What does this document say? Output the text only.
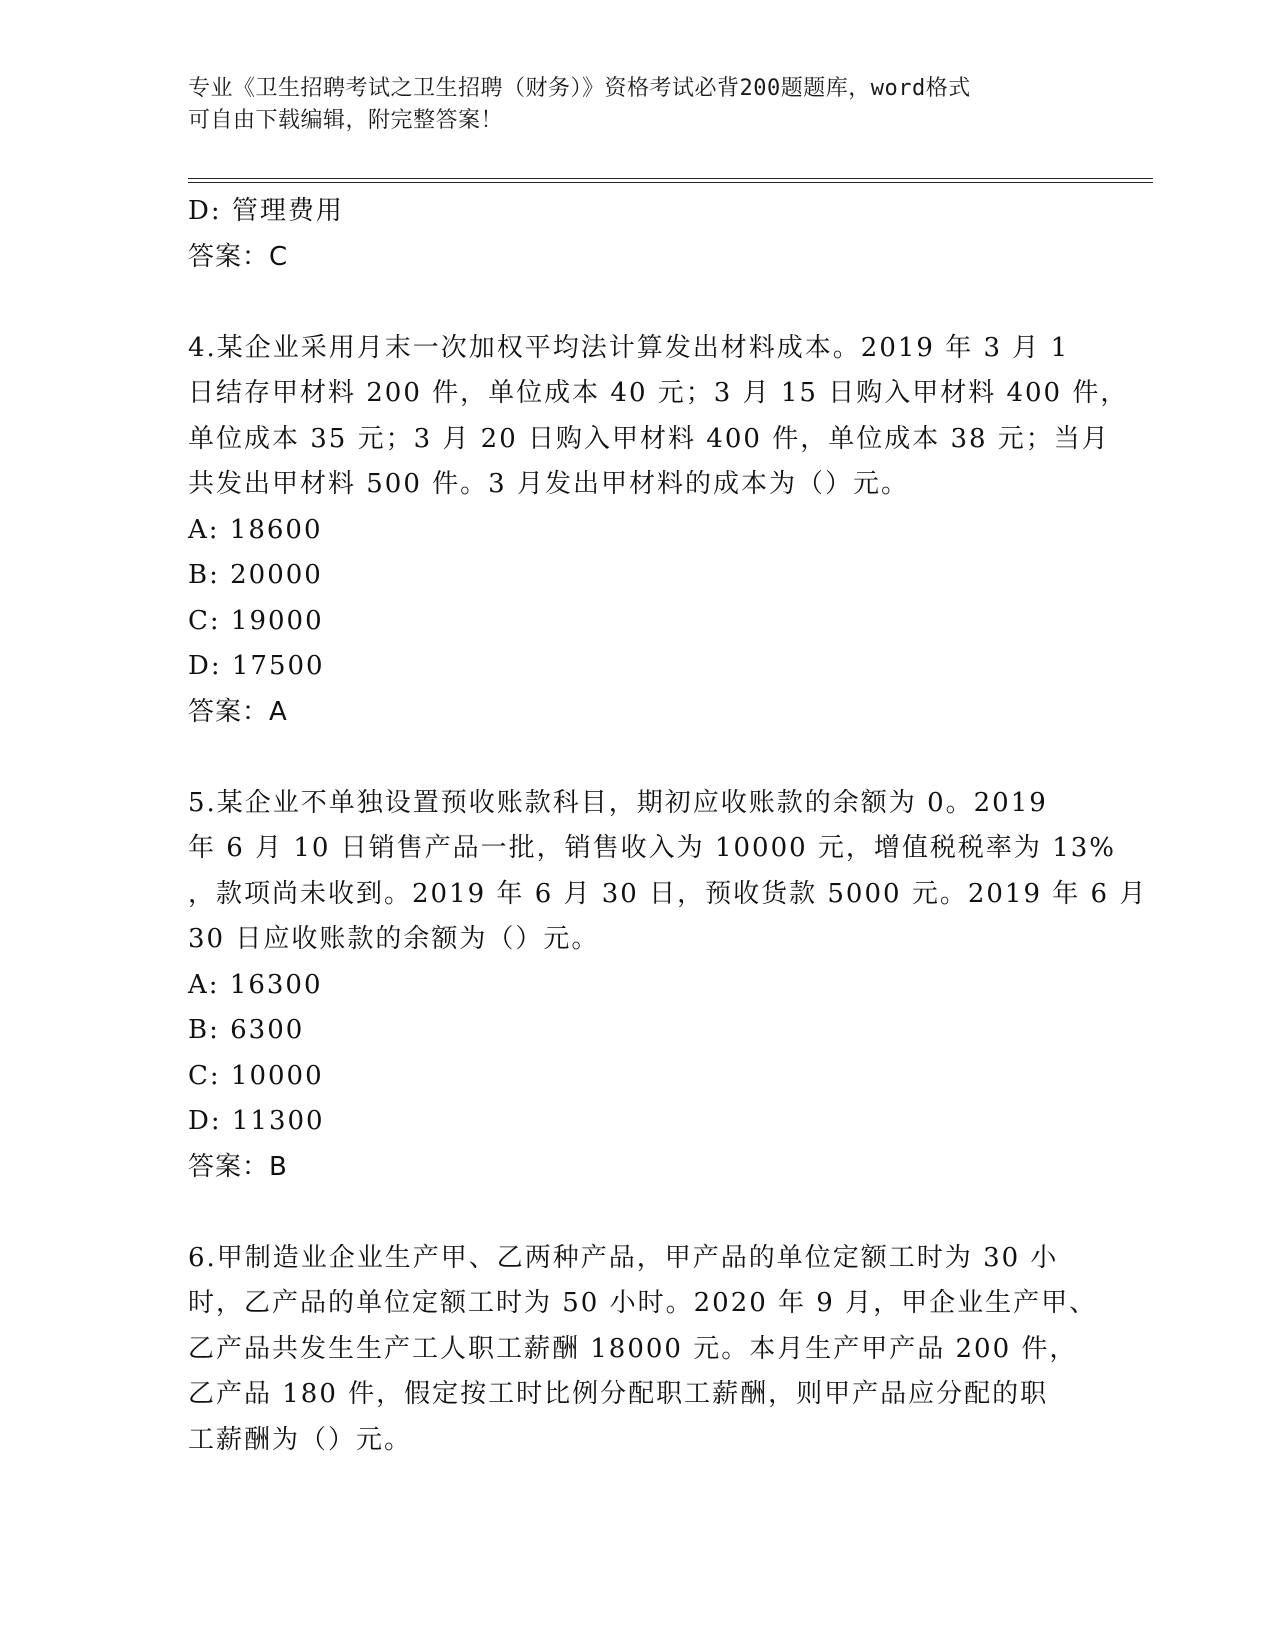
专业《卫生招聘考试之卫生招聘（财务）》资格考试必背200题题库，word格式
可自由下载编辑，附完整答案！
D: 管理费用
答案：C
4.某企业采用月末一次加权平均法计算发出材料成本。2019 年 3 月 1
日结存甲材料 200 件，单位成本 40 元；3 月 15 日购入甲材料 400 件，
单位成本 35 元；3 月 20 日购入甲材料 400 件，单位成本 38 元；当月
共发出甲材料 500 件。3 月发出甲材料的成本为（）元。
A: 18600
B: 20000
C: 19000
D: 17500
答案：A
5.某企业不单独设置预收账款科目，期初应收账款的余额为 0。2019
年 6 月 10 日销售产品一批，销售收入为 10000 元，增值税税率为 13%
，款项尚未收到。2019 年 6 月 30 日，预收货款 5000 元。2019 年 6 月
30 日应收账款的余额为（）元。
A: 16300
B: 6300
C: 10000
D: 11300
答案：B
6.甲制造业企业生产甲、乙两种产品，甲产品的单位定额工时为 30 小
时，乙产品的单位定额工时为 50 小时。2020 年 9 月，甲企业生产甲、
乙产品共发生生产工人职工薪酬 18000 元。本月生产甲产品 200 件，
乙产品 180 件，假定按工时比例分配职工薪酬，则甲产品应分配的职
工薪酬为（）元。
